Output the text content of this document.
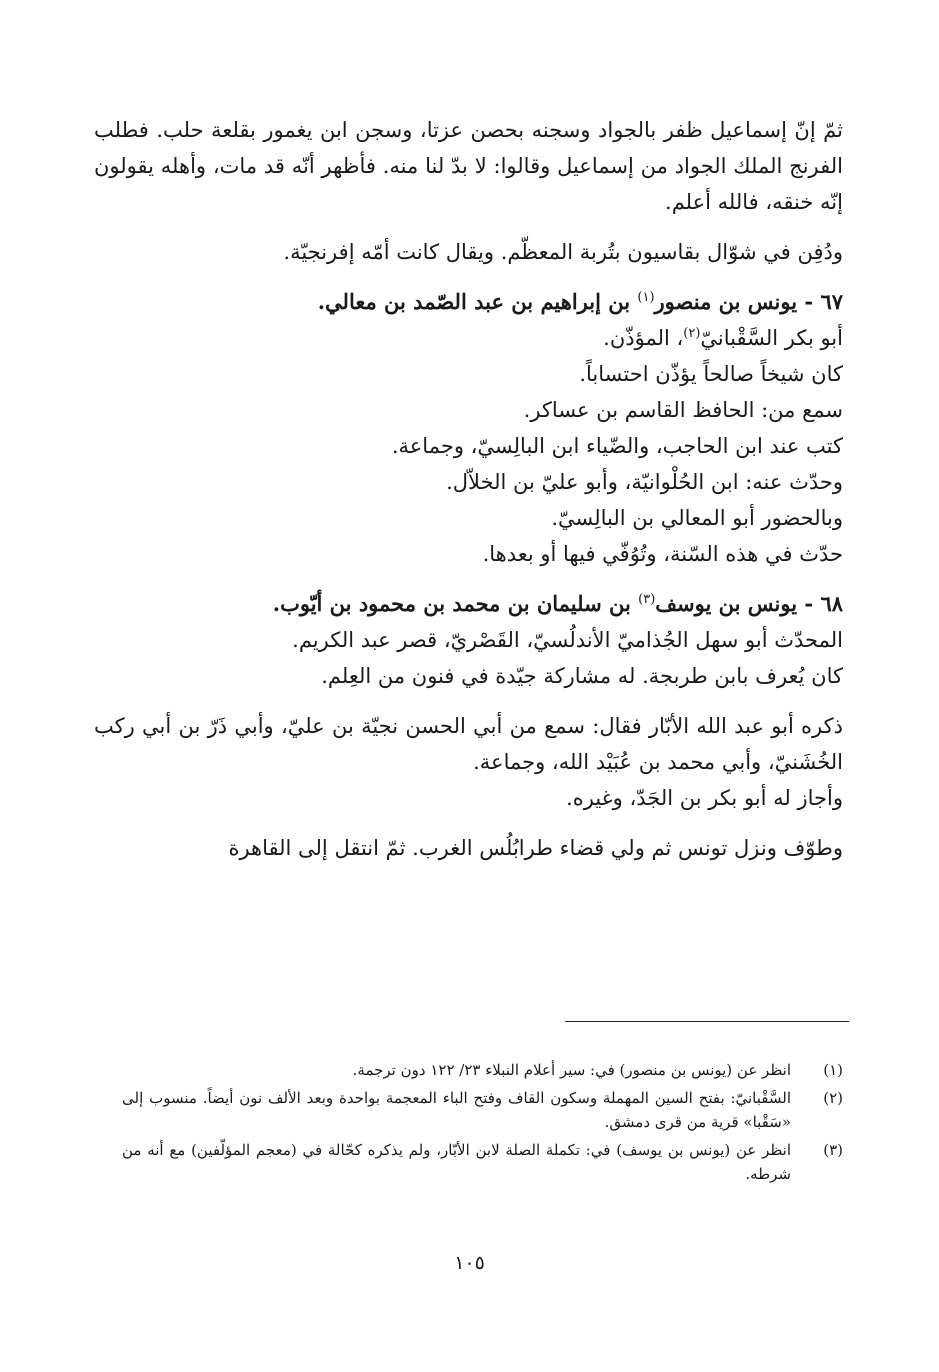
ثمّ إنّ إسماعيل ظفر بالجواد وسجنه بحصن عزتا، وسجن ابن يغمور بقلعة حلب. فطلب الفرنج الملك الجواد من إسماعيل وقالوا: لا بدّ لنا منه. فأظهر أنّه قد مات، وأهله يقولون إنّه خنقه، فالله أعلم.

ودُفِن في شوّال بقاسيون بتُربة المعظّم. ويقال كانت أمّه إفرنجيّة.

٦٧ - يونس بن منصور$^{(١)}$ بن إبراهيم بن عبد الصّمد بن معالي.

أبو بكر السَّقْبانيّ$^{(٢)}$، المؤذّن.

كان شيخاً صالحاً يؤذّن احتساباً.

سمع من: الحافظ القاسم بن عساكر.

كتب عند ابن الحاجب، والضّياء ابن البالِسيّ، وجماعة.

وحدّث عنه: ابن الحُلْوانيّة، وأبو عليّ بن الخلاّل.

وبالحضور أبو المعالي بن البالِسيّ.

حدّث في هذه السّنة، وتُوُفّي فيها أو بعدها.

٦٨ - يونس بن يوسف$^{(٣)}$ بن سليمان بن محمد بن محمود بن أيّوب.

المحدّث أبو سهل الجُذاميّ الأندلُسيّ، القَصْريّ، قصر عبد الكريم.

كان يُعرف بابن طربجة. له مشاركة جيّدة في فنون من العِلم.

ذكره أبو عبد الله الأبّار فقال: سمع من أبي الحسن نجيّة بن عليّ، وأبي ذَرّ بن أبي ركب الخُشَنيّ، وأبي محمد بن عُبَيْد الله، وجماعة.

وأجاز له أبو بكر بن الجَدّ، وغيره.

وطوّف ونزل تونس ثم ولي قضاء طرابُلُس الغرب. ثمّ انتقل إلى القاهرة

(١)
انظر عن (يونس بن منصور) في: سير أعلام النبلاء ٢٣/ ١٢٢ دون ترجمة.
(٢)
السَّقْبانيّ: بفتح السين المهملة وسكون القاف وفتح الباء المعجمة بواحدة وبعد الألف نون أيضاً. منسوب إلى «سَقْبا» قرية من قرى دمشق.
(٣)
انظر عن (يونس بن يوسف) في: تكملة الصلة لابن الأبّار، ولم يذكره كحّالة في (معجم المؤلّفين) مع أنه من شرطه.
١٠٥
